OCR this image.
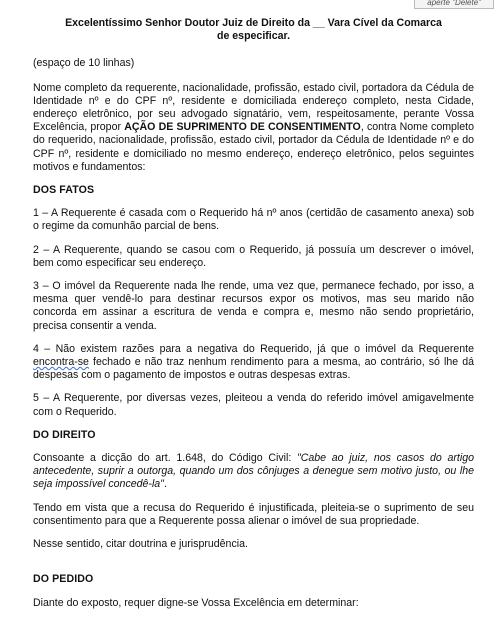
aperte "Delete"
Excelentíssimo Senhor Doutor Juiz de Direito da __ Vara Cível da Comarca
de especificar.

(espaço de 10 linhas)

Nome completo da requerente, nacionalidade, profissão, estado civil, portadora da Cédula de Identidade nº e do CPF nº, residente e domiciliada endereço completo, nesta Cidade, endereço eletrônico, por seu advogado signatário, vem, respeitosamente, perante Vossa Excelência, propor AÇÃO DE SUPRIMENTO DE CONSENTIMENTO, contra Nome completo do requerido, nacionalidade, profissão, estado civil, portador da Cédula de Identidade nº e do CPF nº, residente e domiciliado no mesmo endereço, endereço eletrônico, pelos seguintes motivos e fundamentos:

DOS FATOS

1 – A Requerente é casada com o Requerido há nº anos (certidão de casamento anexa) sob o regime da comunhão parcial de bens.

2 – A Requerente, quando se casou com o Requerido, já possuía um descrever o imóvel, bem como especificar seu endereço.

3 – O imóvel da Requerente nada lhe rende, uma vez que, permanece fechado, por isso, a mesma quer vendê-lo para destinar recursos expor os motivos, mas seu marido não concorda em assinar a escritura de venda e compra e, mesmo não sendo proprietário, precisa consentir a venda.

4 – Não existem razões para a negativa do Requerido, já que o imóvel da Requerente encontra-se fechado e não traz nenhum rendimento para a mesma, ao contrário, só lhe dá despesas com o pagamento de impostos e outras despesas extras.

5 – A Requerente, por diversas vezes, pleiteou a venda do referido imóvel amigavelmente com o Requerido.

DO DIREITO

Consoante a dicção do art. 1.648, do Código Civil: "Cabe ao juiz, nos casos do artigo antecedente, suprir a outorga, quando um dos cônjuges a denegue sem motivo justo, ou lhe seja impossível concedê-la".

Tendo em vista que a recusa do Requerido é injustificada, pleiteia-se o suprimento de seu consentimento para que a Requerente possa alienar o imóvel de sua propriedade.

Nesse sentido, citar doutrina e jurisprudência.

DO PEDIDO

Diante do exposto, requer digne-se Vossa Excelência em determinar:
